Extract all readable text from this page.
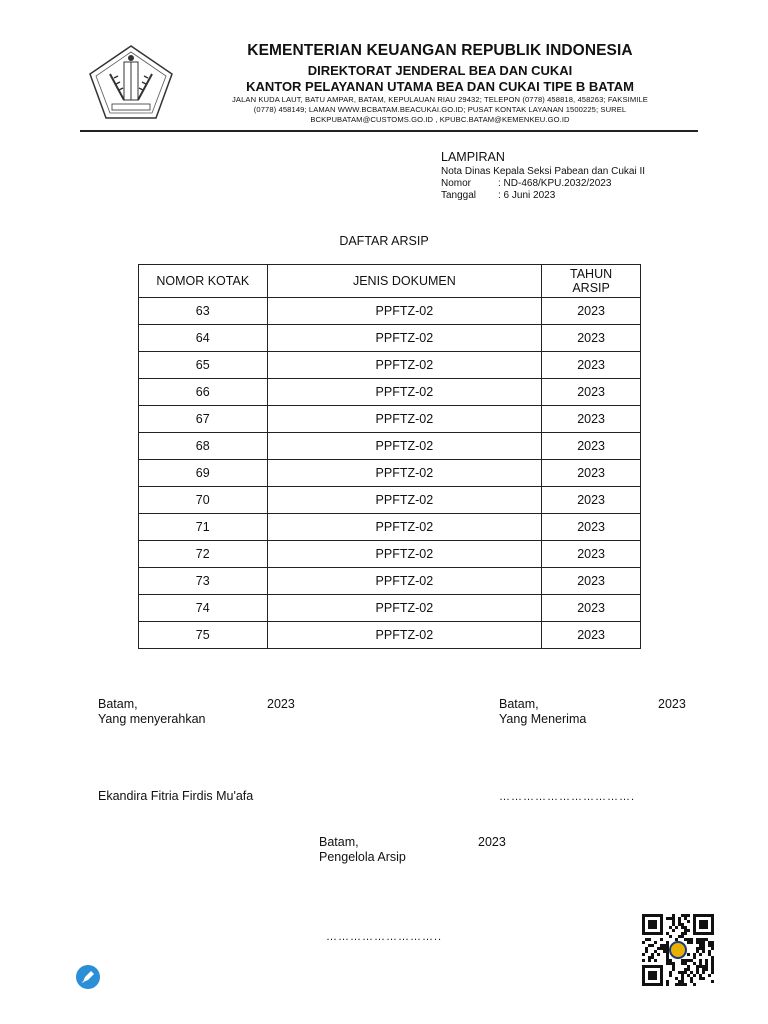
KEMENTERIAN KEUANGAN REPUBLIK INDONESIA
DIREKTORAT JENDERAL BEA DAN CUKAI
KANTOR PELAYANAN UTAMA BEA DAN CUKAI TIPE B BATAM
JALAN KUDA LAUT, BATU AMPAR, BATAM, KEPULAUAN RIAU 29432; TELEPON (0778) 458818, 458263; FAKSIMILE
(0778) 458149; LAMAN WWW.BCBATAM.BEACUKAI.GO.ID; PUSAT KONTAK LAYANAN 1500225; SUREL
BCKPUBATAM@CUSTOMS.GO.ID , KPUBC.BATAM@KEMENKEU.GO.ID
LAMPIRAN
Nota Dinas Kepala Seksi Pabean dan Cukai II
Nomor	: ND-468/KPU.2032/2023
Tanggal : 6 Juni 2023
DAFTAR ARSIP
NOMOR KOTAK	JENIS DOKUMEN	TAHUN ARSIP

63	PPFTZ-02	2023
64	PPFTZ-02	2023
65	PPFTZ-02	2023
66	PPFTZ-02	2023
67	PPFTZ-02	2023
68	PPFTZ-02	2023
69	PPFTZ-02	2023
70	PPFTZ-02	2023
71	PPFTZ-02	2023
72	PPFTZ-02	2023
73	PPFTZ-02	2023
74	PPFTZ-02	2023
75	PPFTZ-02	2023
Batam,	2023
Yang menyerahkan
Ekandira Fitria Firdis Mu'afa
Batam,	2023
Yang Menerima
…………………………….
Batam,	2023
Pengelola Arsip
………………………..
